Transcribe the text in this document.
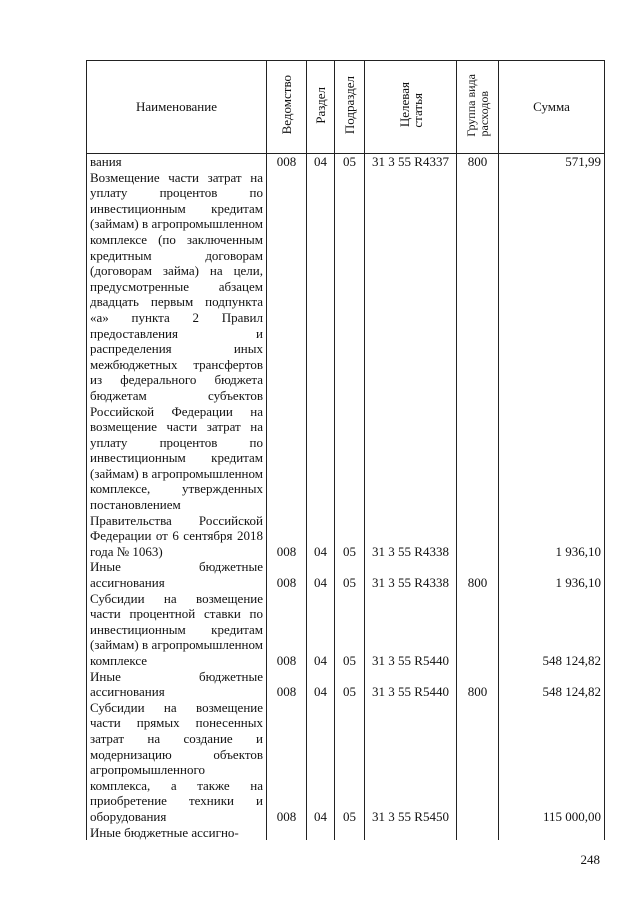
Наименование	Ведомство	Раздел	Подраздел	Целеваястатья	Группа видарасходов	Сумма
вания	008	04	05	31 3 55 R4337	800	571,99
Возмещение части затрат на уплату процентов по инвестиционным кредитам (займам) в агропромышленном комплексе (по заключенным кредитным договорам (договорам займа) на цели, предусмотренные абзацем двадцать первым подпункта «а» пункта 2 Правил предоставления и распределения иных межбюджетных трансфертов из федерального бюджета бюджетам субъектов Российской Федерации на возмещение части затрат на уплату процентов по инвестиционным кредитам (займам) в агропромышленном комплексе, утвержденных постановлением Правительства Российской Федерации от 6 сентября 2018 года № 1063)	008	04	05	31 3 55 R4338		1 936,10
Иные бюджетные ассигнования	008	04	05	31 3 55 R4338	800	1 936,10
Субсидии на возмещение части процентной ставки по инвестиционным кредитам (займам) в агропромышленном комплексе	008	04	05	31 3 55 R5440		548 124,82
Иные бюджетные ассигнования	008	04	05	31 3 55 R5440	800	548 124,82
Субсидии на возмещение части прямых понесенных затрат на создание и модернизацию объектов агропромышленного комплекса, а также на приобретение техники и оборудования	008	04	05	31 3 55 R5450		115 000,00
Иные бюджетные ассигно-						
248
